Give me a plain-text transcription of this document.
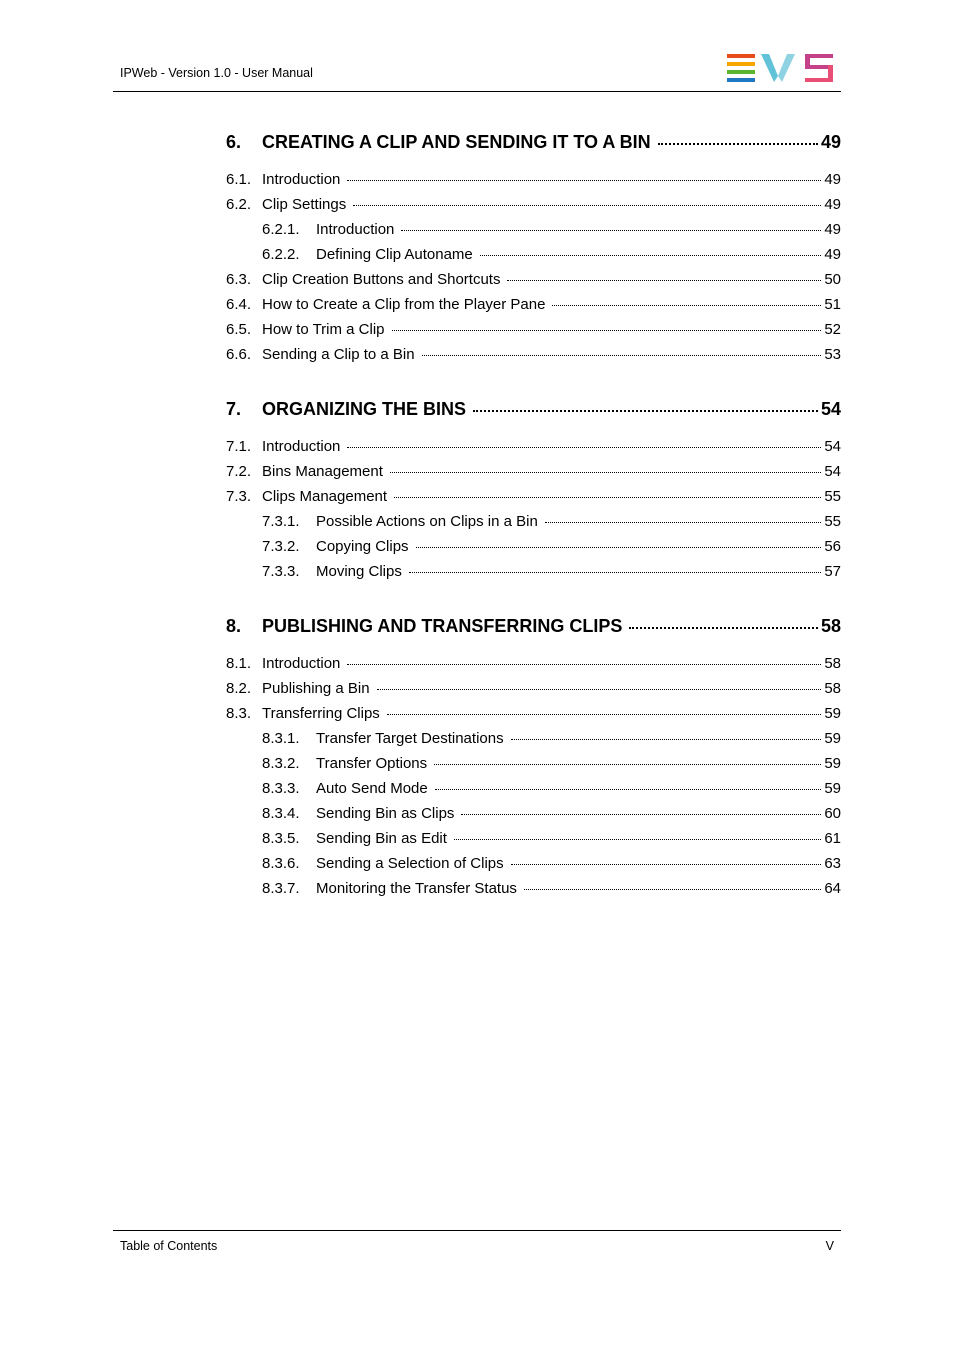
IPWeb - Version 1.0 - User Manual
6. CREATING A CLIP AND SENDING IT TO A BIN	49
6.1. Introduction	49
6.2. Clip Settings	49
6.2.1. Introduction	49
6.2.2. Defining Clip Autoname	49
6.3. Clip Creation Buttons and Shortcuts	50
6.4. How to Create a Clip from the Player Pane	51
6.5. How to Trim a Clip	52
6.6. Sending a Clip to a Bin	53
7. ORGANIZING THE BINS	54
7.1. Introduction	54
7.2. Bins Management	54
7.3. Clips Management	55
7.3.1. Possible Actions on Clips in a Bin	55
7.3.2. Copying Clips	56
7.3.3. Moving Clips	57
8. PUBLISHING AND TRANSFERRING CLIPS	58
8.1. Introduction	58
8.2. Publishing a Bin	58
8.3. Transferring Clips	59
8.3.1. Transfer Target Destinations	59
8.3.2. Transfer Options	59
8.3.3. Auto Send Mode	59
8.3.4. Sending Bin as Clips	60
8.3.5. Sending Bin as Edit	61
8.3.6. Sending a Selection of Clips	63
8.3.7. Monitoring the Transfer Status	64
Table of Contents	V
